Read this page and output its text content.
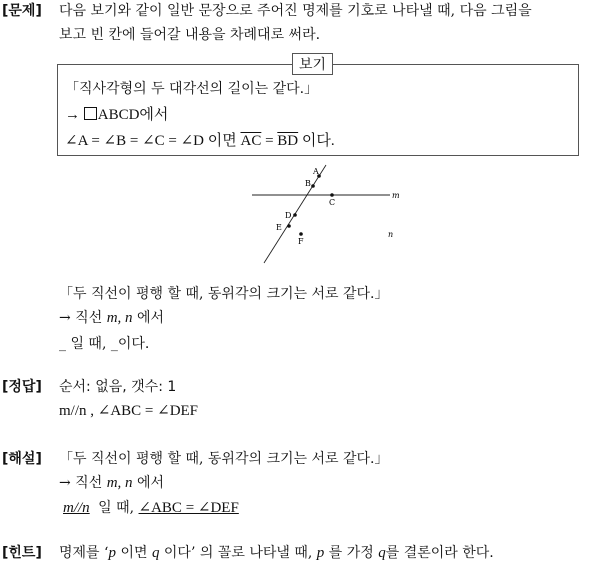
[문제] 다음 보기와 같이 일반 문장으로 주어진 명제를 기호로 나타낼 때, 다음 그림을
보고 빈 칸에 들어갈 내용을 차례대로 써라.
보기
「직사각형의 두 대각선의 길이는 같다.」
→ ABCD에서
∠A = ∠B = ∠C = ∠D 이면 $\overline{AC} = \overline{BD}$ 이다.
A
B
C
D
E
F
m
n
「두 직선이 평행 할 때, 동위각의 크기는 서로 같다.」
→ 직선 m, n 에서
_ 일 때, _이다.
[정답] 순서: 없음, 갯수: 1
m//n , ∠ABC = ∠DEF
[해설] 「두 직선이 평행 할 때, 동위각의 크기는 서로 같다.」
→ 직선 m, n 에서
m//n 일 때, ∠ABC = ∠DEF
[힌트] 명제를 ‘p 이면 q 이다’ 의 꼴로 나타낼 때, p 를 가정 q를 결론이라 한다.
